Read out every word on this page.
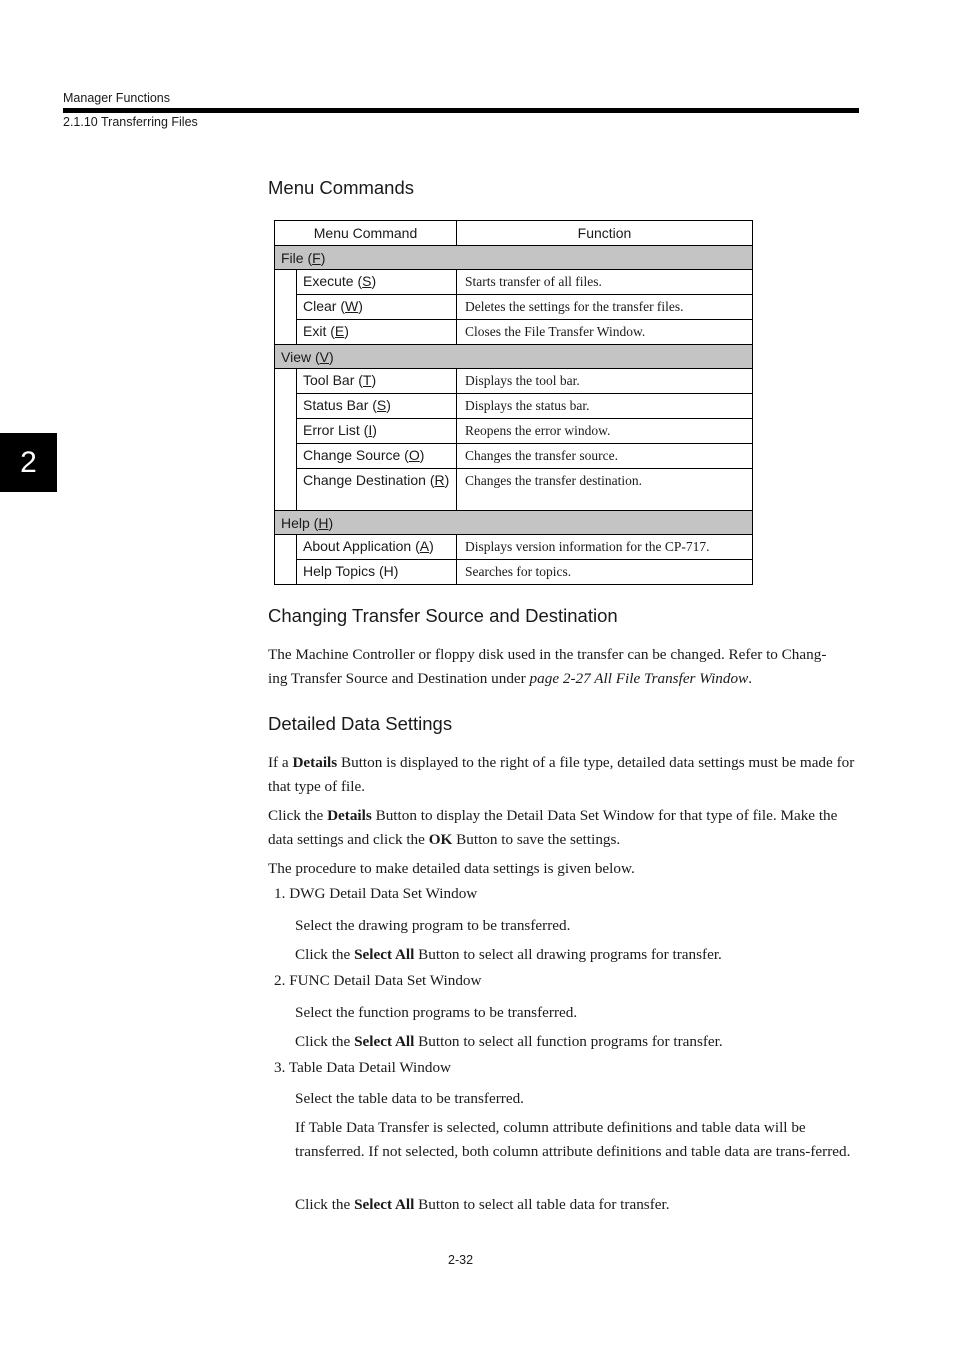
Manager Functions
2.1.10 Transferring Files
2
Menu Commands
Menu Command		Function
File (F)		
	Execute (S)	Starts transfer of all files.
	Clear (W)	Deletes the settings for the transfer files.
	Exit (E)	Closes the File Transfer Window.
View (V)		
	Tool Bar (T)	Displays the tool bar.
	Status Bar (S)	Displays the status bar.
	Error List (I)	Reopens the error window.
	Change Source (O)	Changes the transfer source.
	Change Destination (R)	Changes the transfer destination.
Help (H)		
	About Application (A)	Displays version information for the CP-717.
	Help Topics (H)	Searches for topics.
Changing Transfer Source and Destination
The Machine Controller or floppy disk used in the transfer can be changed. Refer to Chang-
ing Transfer Source and Destination under page 2-27 All File Transfer Window.
Detailed Data Settings
If a Details Button is displayed to the right of a file type, detailed data settings must be made for that type of file.
Click the Details Button to display the Detail Data Set Window for that type of file. Make the data settings and click the OK Button to save the settings.
The procedure to make detailed data settings is given below.
1. DWG Detail Data Set Window
Select the drawing program to be transferred.
Click the Select All Button to select all drawing programs for transfer.
2. FUNC Detail Data Set Window
Select the function programs to be transferred.
Click the Select All Button to select all function programs for transfer.
3. Table Data Detail Window
Select the table data to be transferred.
If Table Data Transfer is selected, column attribute definitions and table data will be transferred. If not selected, both column attribute definitions and table data are trans-ferred.
Click the Select All Button to select all table data for transfer.
2-32
